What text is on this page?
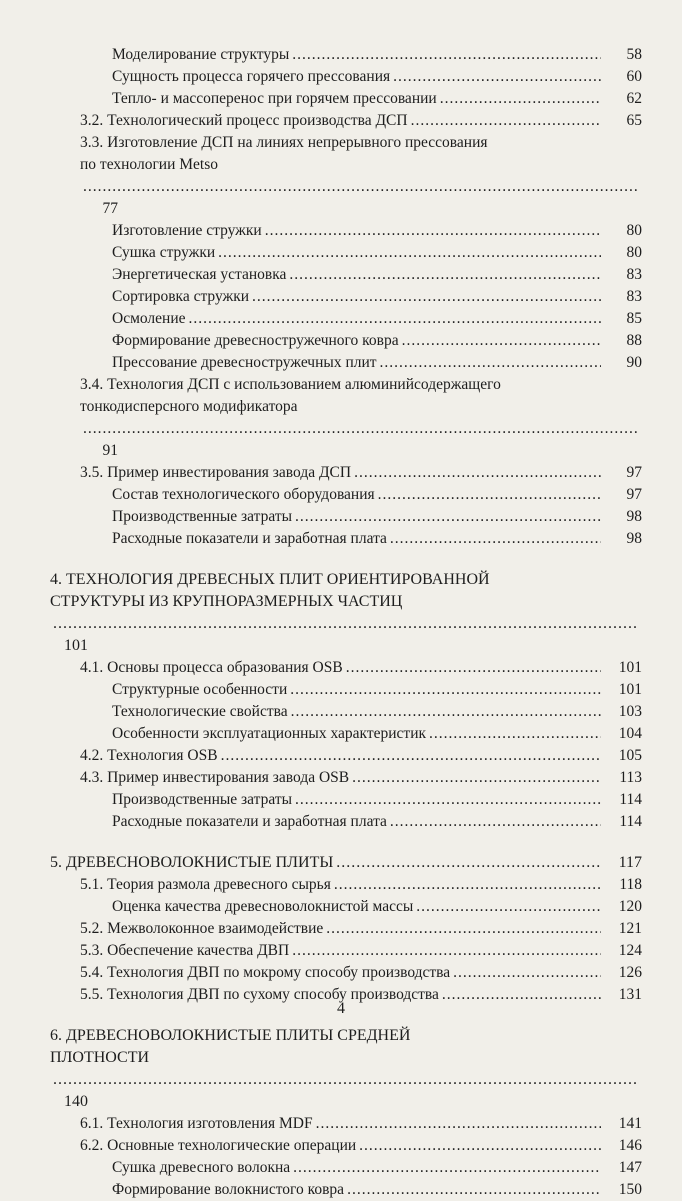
Моделирование структуры .....	58
Сущность процесса горячего прессования .....	60
Тепло- и массоперенос при горячем прессовании .....	62
3.2. Технологический процесс производства ДСП .....	65
3.3. Изготовление ДСП на линиях непрерывного прессования
по технологии Metso
.....
77
Изготовление стружки .....	80
Сушка стружки .....	80
Энергетическая установка .....	83
Сортировка стружки .....	83
Осмоление .....	85
Формирование древесностружечного ковра .....	88
Прессование древесностружечных плит .....	90
3.4. Технология ДСП с использованием алюминийсодержащего
тонкодисперсного модификатора
.....
91
3.5. Пример инвестирования завода ДСП .....	97
Состав технологического оборудования .....	97
Производственные затраты .....	98
Расходные показатели и заработная плата .....	98
4. ТЕХНОЛОГИЯ ДРЕВЕСНЫХ ПЛИТ ОРИЕНТИРОВАННОЙ
СТРУКТУРЫ ИЗ КРУПНОРАЗМЕРНЫХ ЧАСТИЦ
.....
101
4.1. Основы процесса образования OSB .....	101
Структурные особенности .....	101
Технологические свойства .....	103
Особенности эксплуатационных характеристик .....	104
4.2. Технология OSB .....	105
4.3. Пример инвестирования завода OSB .....	113
Производственные затраты .....	114
Расходные показатели и заработная плата .....	114
5. ДРЕВЕСНОВОЛОКНИСТЫЕ ПЛИТЫ .....	117
5.1. Теория размола древесного сырья .....	118
Оценка качества древесноволокнистой массы .....	120
5.2. Межволоконное взаимодействие .....	121
5.3. Обеспечение качества ДВП .....	124
5.4. Технология ДВП по мокрому способу производства .....	126
5.5. Технология ДВП по сухому способу производства .....	131
6. ДРЕВЕСНОВОЛОКНИСТЫЕ ПЛИТЫ СРЕДНЕЙ
ПЛОТНОСТИ
.....
140
6.1. Технология изготовления MDF .....	141
6.2. Основные технологические операции .....	146
Сушка древесного волокна .....	147
Формирование волокнистого ковра .....	150
4
